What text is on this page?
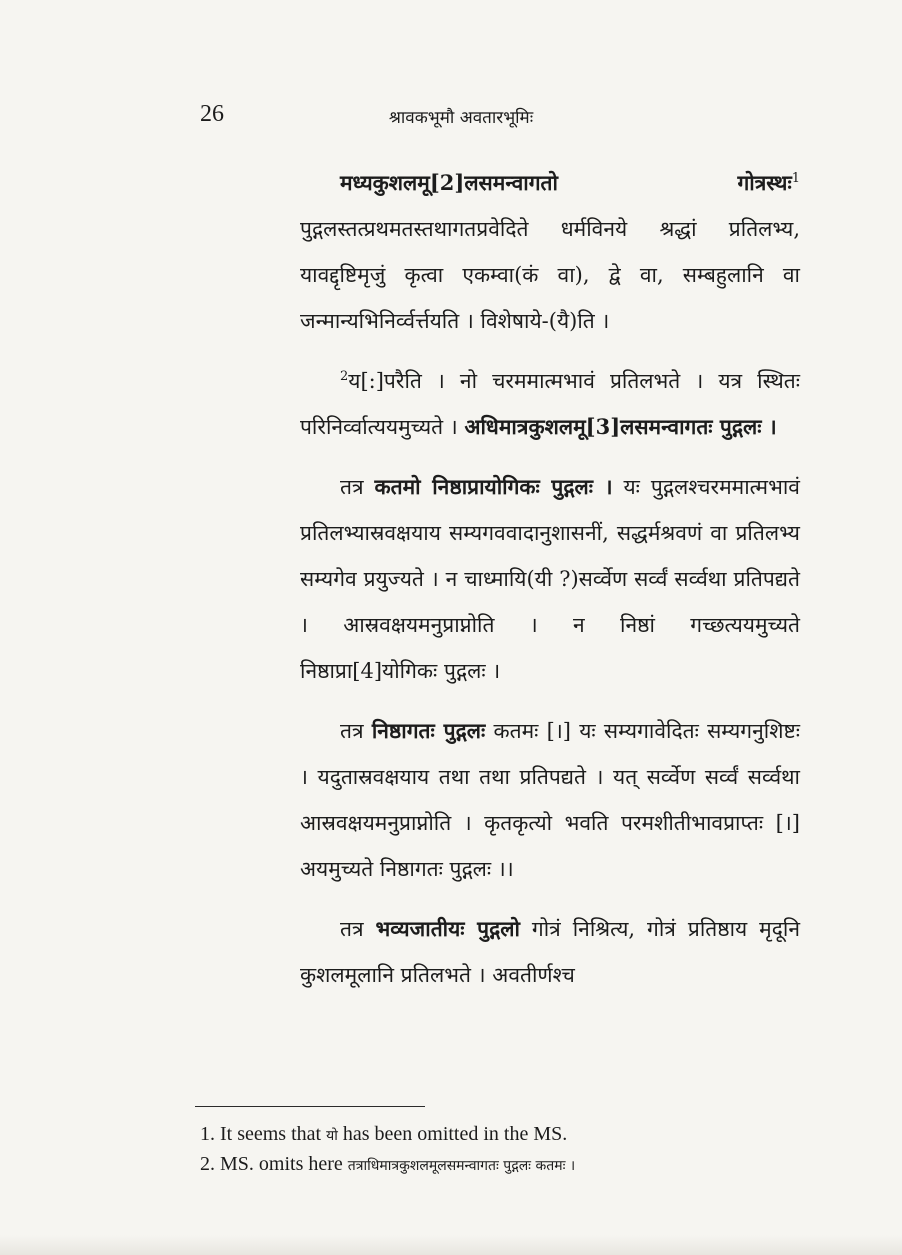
26	श्रावकभूमौ अवतारभूमिः

मध्यकुशलमू[2]लसमन्वागतो गोत्रस्थः$^1$ पुद्गलस्तत्प्रथमतस्तथागतप्रवेदिते धर्मविनये श्रद्धां प्रतिलभ्य, यावद्दृष्टिमृजुं कृत्वा एकम्वा(कं वा), द्वे वा, सम्बहुलानि वा जन्मान्यभिनिर्व्वर्त्तयति । विशेषाये-(यै)ति ।

$^2$य[:]परैति । नो चरममात्मभावं प्रतिलभते । यत्र स्थितः परिनिर्व्वात्ययमुच्यते । अधिमात्रकुशलमू[3]लसमन्वागतः पुद्गलः ।

तत्र कतमो निष्ठाप्रायोगिकः पुद्गलः । यः पुद्गलश्चरममात्मभावं प्रतिलभ्यास्रवक्षयाय सम्यगववादानुशासनीं, सद्धर्मश्रवणं वा प्रतिलभ्य सम्यगेव प्रयुज्यते । न चाध्मायि(यी ?)सर्व्वेण सर्व्वं सर्व्वथा प्रतिपद्यते । आस्रवक्षयमनुप्राप्नोति । न निष्ठां गच्छत्ययमुच्यते निष्ठाप्रा[4]योगिकः पुद्गलः ।

तत्र निष्ठागतः पुद्गलः कतमः [।] यः सम्यगावेदितः सम्यगनुशिष्टः । यदुतास्रवक्षयाय तथा तथा प्रतिपद्यते । यत् सर्व्वेण सर्व्वं सर्व्वथा आस्रवक्षयमनुप्राप्नोति । कृतकृत्यो भवति परमशीतीभावप्राप्तः [।] अयमुच्यते निष्ठागतः पुद्गलः ।।

तत्र भव्यजातीयः पुद्गलो गोत्रं निश्रित्य, गोत्रं प्रतिष्ठाय मृदूनि कुशलमूलानि प्रतिलभते । अवतीर्णश्च

1. It seems that यो has been omitted in the MS.
2. MS. omits here तत्राधिमात्रकुशलमूलसमन्वागतः पुद्गलः कतमः ।
